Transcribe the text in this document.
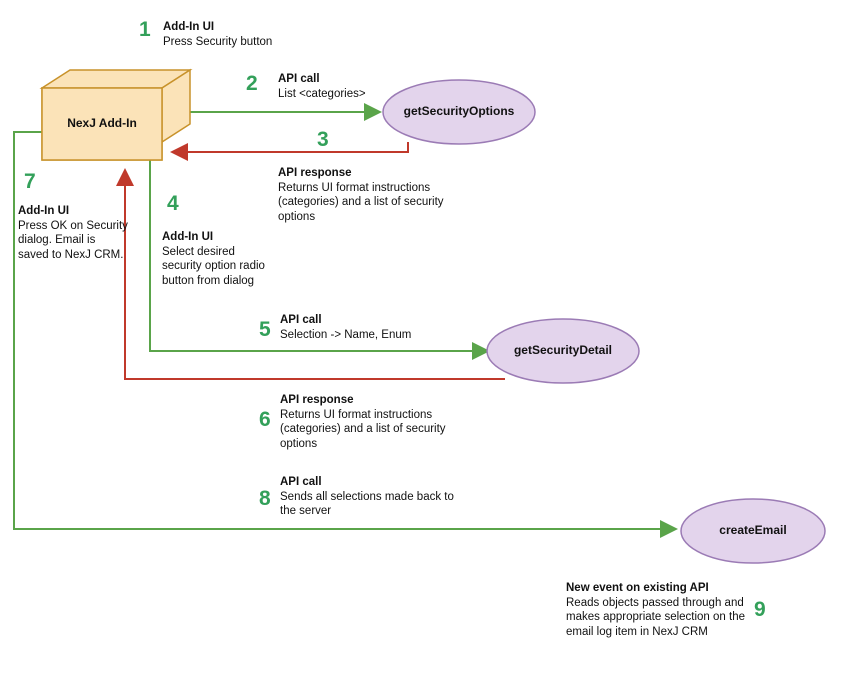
NexJ Add-In
getSecurityOptions
getSecurityDetail
createEmail
1
2
3
4
5
6
7
8
9
Add-In UI
Press Security button
API call
List <categories>
API response
Returns UI format instructions (categories) and a list of security options
Add-In UI
Select desired security option radio button from dialog
API call
Selection -> Name, Enum
API response
Returns UI format instructions (categories) and a list of security options
Add-In UI
Press OK on Security dialog. Email is saved to NexJ CRM.
API call
Sends all selections made back to the server
New event on existing API
Reads objects passed through and makes appropriate selection on the email log item in NexJ CRM
